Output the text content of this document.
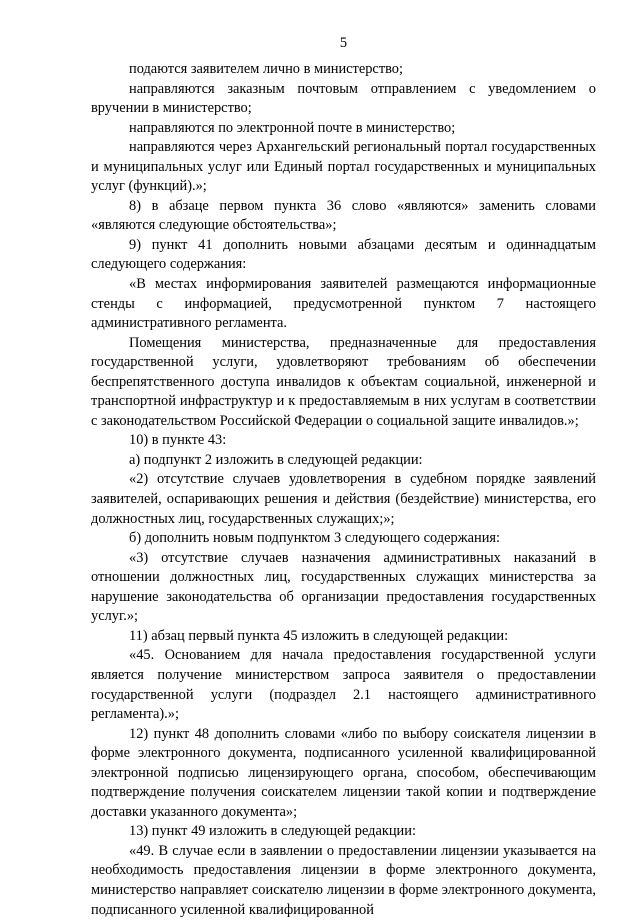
5

подаются заявителем лично в министерство;

направляются заказным почтовым отправлением с уведомлением о вручении в министерство;

направляются по электронной почте в министерство;

направляются через Архангельский региональный портал государственных и муниципальных услуг или Единый портал государственных и муниципальных услуг (функций).»;

8) в абзаце первом пункта 36 слово «являются» заменить словами «являются следующие обстоятельства»;

9) пункт 41 дополнить новыми абзацами десятым и одиннадцатым следующего содержания:

«В местах информирования заявителей размещаются информационные стенды с информацией, предусмотренной пунктом 7 настоящего административного регламента.

Помещения министерства, предназначенные для предоставления государственной услуги, удовлетворяют требованиям об обеспечении беспрепятственного доступа инвалидов к объектам социальной, инженерной и транспортной инфраструктур и к предоставляемым в них услугам в соответствии с законодательством Российской Федерации о социальной защите инвалидов.»;

10) в пункте 43:

а) подпункт 2 изложить в следующей редакции:

«2) отсутствие случаев удовлетворения в судебном порядке заявлений заявителей, оспаривающих решения и действия (бездействие) министерства, его должностных лиц, государственных служащих;»;

б) дополнить новым подпунктом 3 следующего содержания:

«3) отсутствие случаев назначения административных наказаний в отношении должностных лиц, государственных служащих министерства за нарушение законодательства об организации предоставления государственных услуг.»;

11) абзац первый пункта 45 изложить в следующей редакции:

«45. Основанием для начала предоставления государственной услуги является получение министерством запроса заявителя о предоставлении государственной услуги (подраздел 2.1 настоящего административного регламента).»;

12) пункт 48 дополнить словами «либо по выбору соискателя лицензии в форме электронного документа, подписанного усиленной квалифицированной электронной подписью лицензирующего органа, способом, обеспечивающим подтверждение получения соискателем лицензии такой копии и подтверждение доставки указанного документа»;

13) пункт 49 изложить в следующей редакции:

«49. В случае если в заявлении о предоставлении лицензии указывается на необходимость предоставления лицензии в форме электронного документа, министерство направляет соискателю лицензии в форме электронного документа, подписанного усиленной квалифицированной
